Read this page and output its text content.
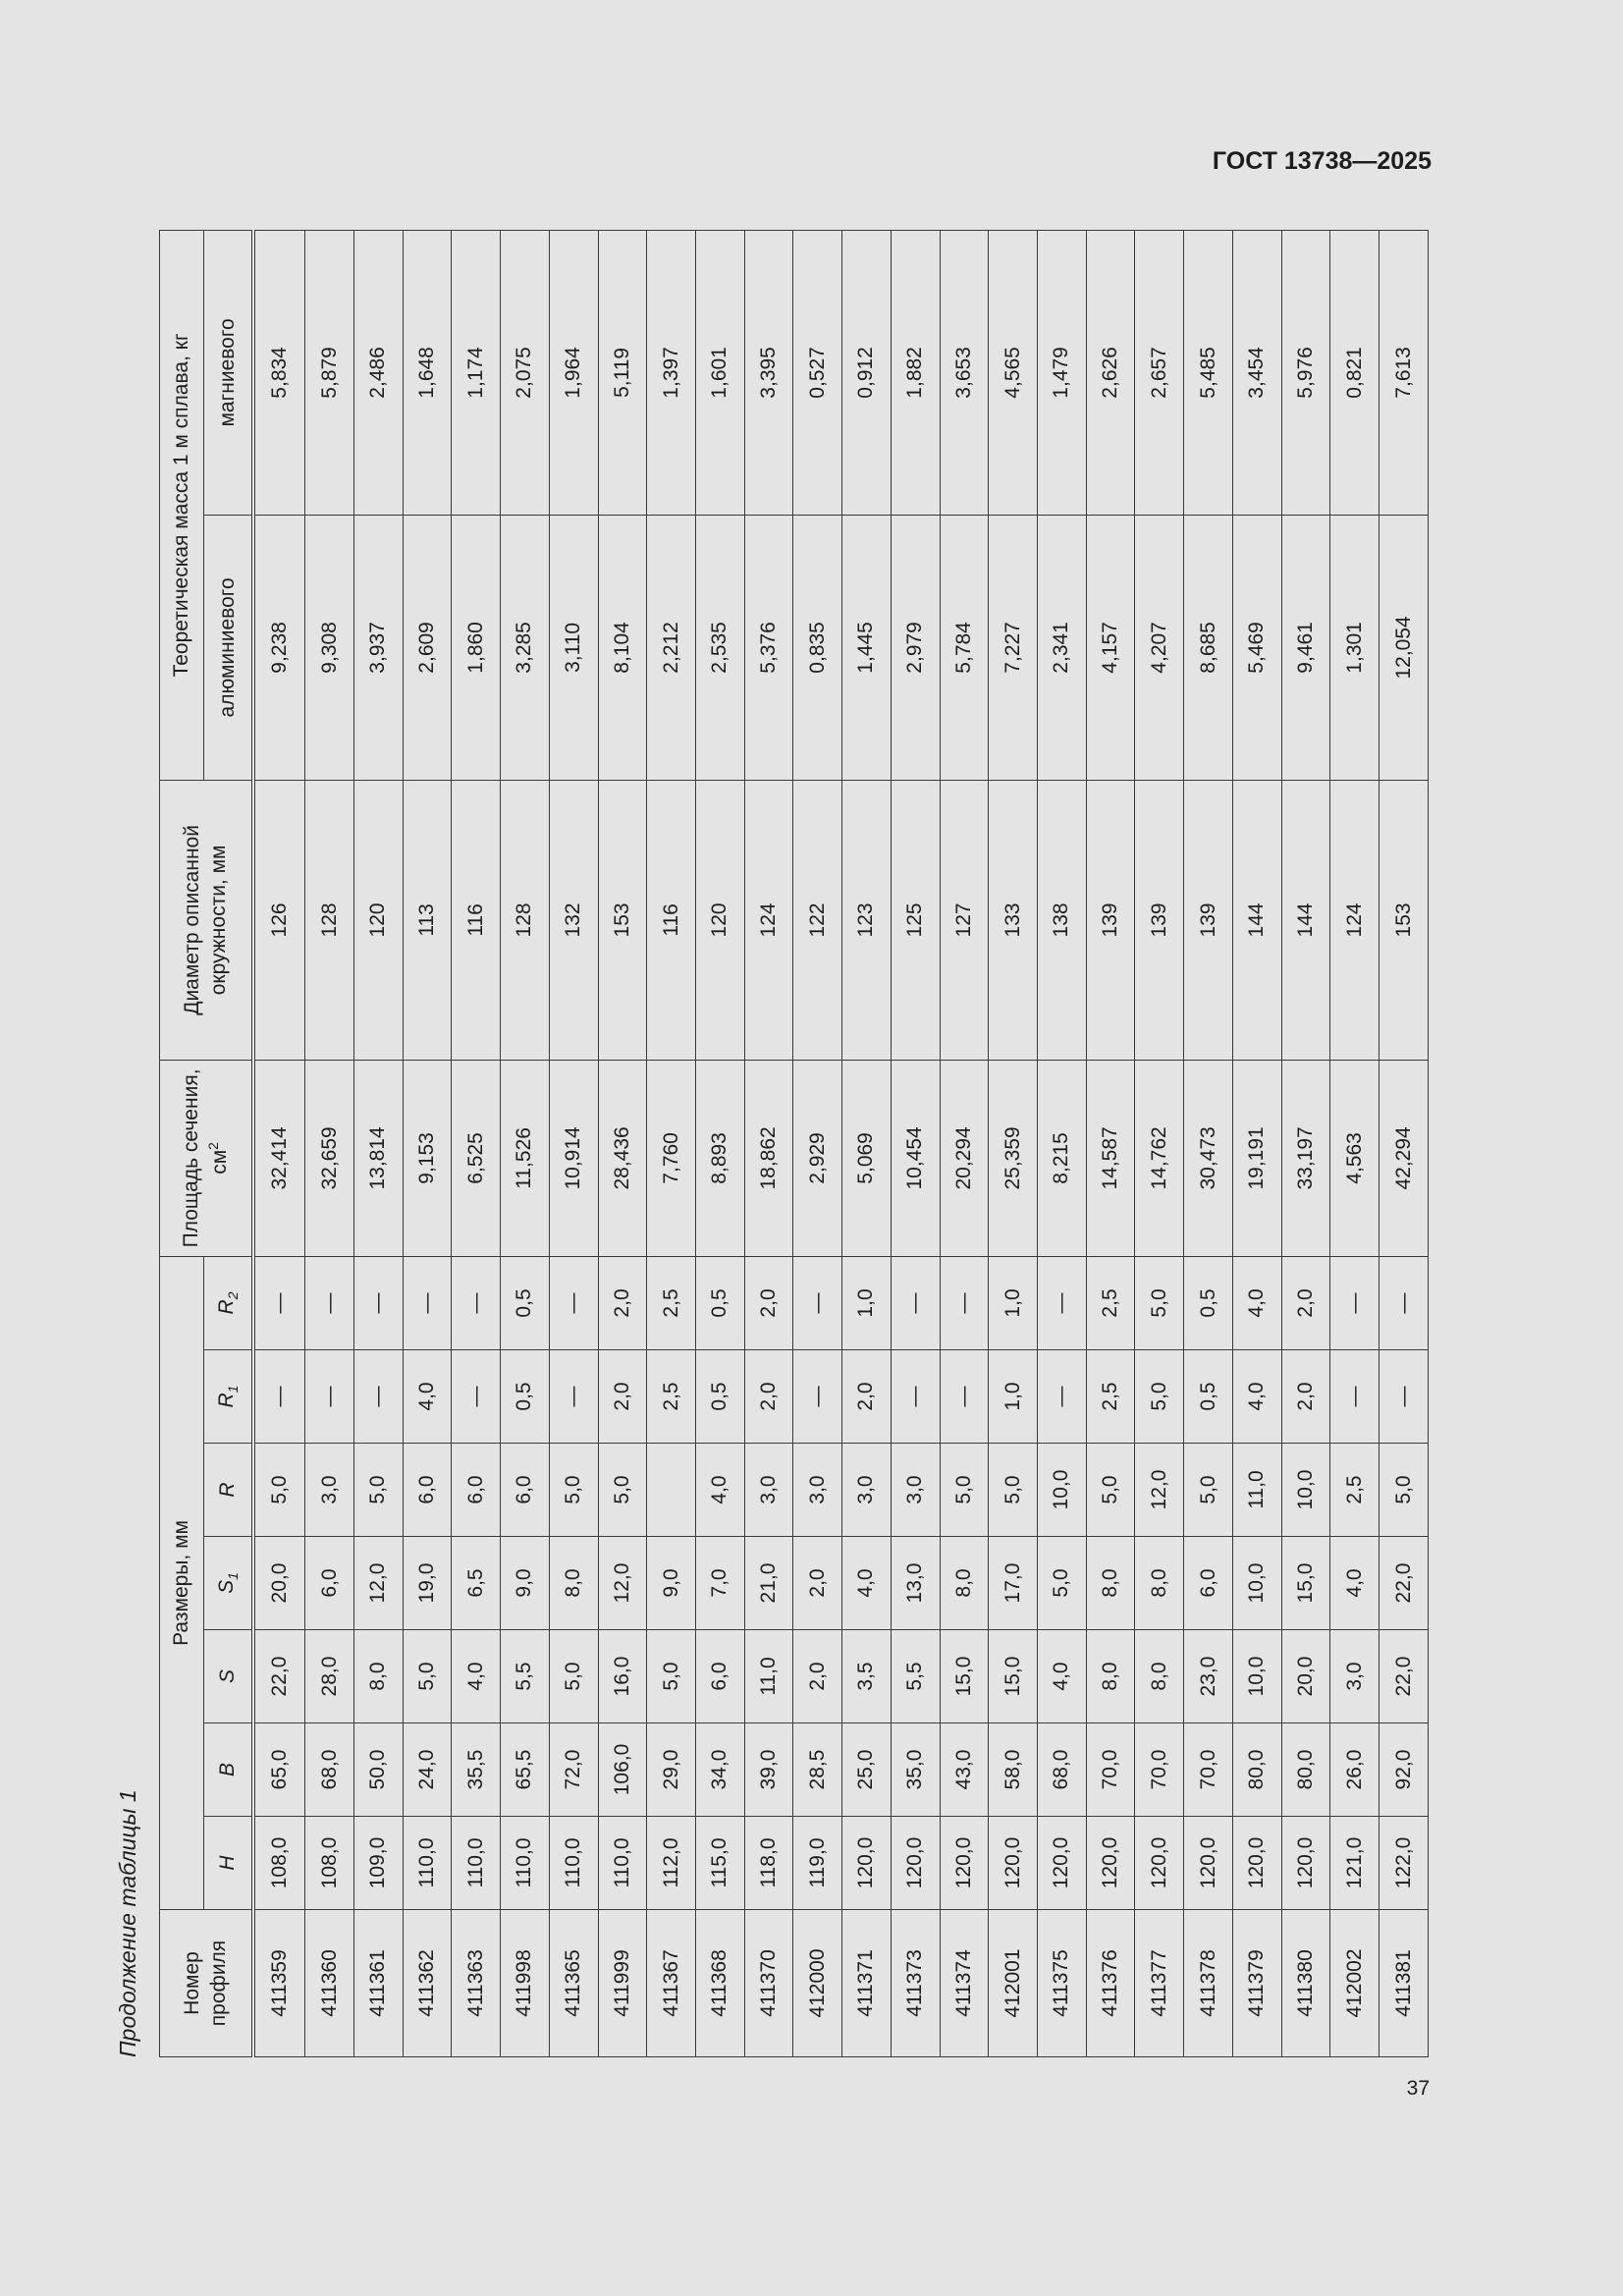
ГОСТ 13738—2025
Продолжение таблицы 1	Номер профиля	Размеры, мм							Площадь сечения, $см^2$	Диаметр описанной окружности, мм	Теоретическая масса 1 м сплава, кг	
	H	B	S	$S_1$	R	$R_1$	$R_2$			алюминиевого	магниевого
411359	108,0	65,0	22,0	20,0	5,0	—	—	32,414	126	9,238	5,834
411360	108,0	68,0	28,0	6,0	3,0	—	—	32,659	128	9,308	5,879
411361	109,0	50,0	8,0	12,0	5,0	—	—	13,814	120	3,937	2,486
411362	110,0	24,0	5,0	19,0	6,0	4,0	—	9,153	113	2,609	1,648
411363	110,0	35,5	4,0	6,5	6,0	—	—	6,525	116	1,860	1,174
411998	110,0	65,5	5,5	9,0	6,0	0,5	0,5	11,526	128	3,285	2,075
411365	110,0	72,0	5,0	8,0	5,0	—	—	10,914	132	3,110	1,964
411999	110,0	106,0	16,0	12,0	5,0	2,0	2,0	28,436	153	8,104	5,119
411367	112,0	29,0	5,0	9,0		2,5	2,5	7,760	116	2,212	1,397
411368	115,0	34,0	6,0	7,0	4,0	0,5	0,5	8,893	120	2,535	1,601
411370	118,0	39,0	11,0	21,0	3,0	2,0	2,0	18,862	124	5,376	3,395
412000	119,0	28,5	2,0	2,0	3,0	—	—	2,929	122	0,835	0,527
411371	120,0	25,0	3,5	4,0	3,0	2,0	1,0	5,069	123	1,445	0,912
411373	120,0	35,0	5,5	13,0	3,0	—	—	10,454	125	2,979	1,882
411374	120,0	43,0	15,0	8,0	5,0	—	—	20,294	127	5,784	3,653
412001	120,0	58,0	15,0	17,0	5,0	1,0	1,0	25,359	133	7,227	4,565
411375	120,0	68,0	4,0	5,0	10,0	—	—	8,215	138	2,341	1,479
411376	120,0	70,0	8,0	8,0	5,0	2,5	2,5	14,587	139	4,157	2,626
411377	120,0	70,0	8,0	8,0	12,0	5,0	5,0	14,762	139	4,207	2,657
411378	120,0	70,0	23,0	6,0	5,0	0,5	0,5	30,473	139	8,685	5,485
411379	120,0	80,0	10,0	10,0	11,0	4,0	4,0	19,191	144	5,469	3,454
411380	120,0	80,0	20,0	15,0	10,0	2,0	2,0	33,197	144	9,461	5,976
412002	121,0	26,0	3,0	4,0	2,5	—	—	4,563	124	1,301	0,821
411381	122,0	92,0	22,0	22,0	5,0	—	—	42,294	153	12,054	7,613
37
